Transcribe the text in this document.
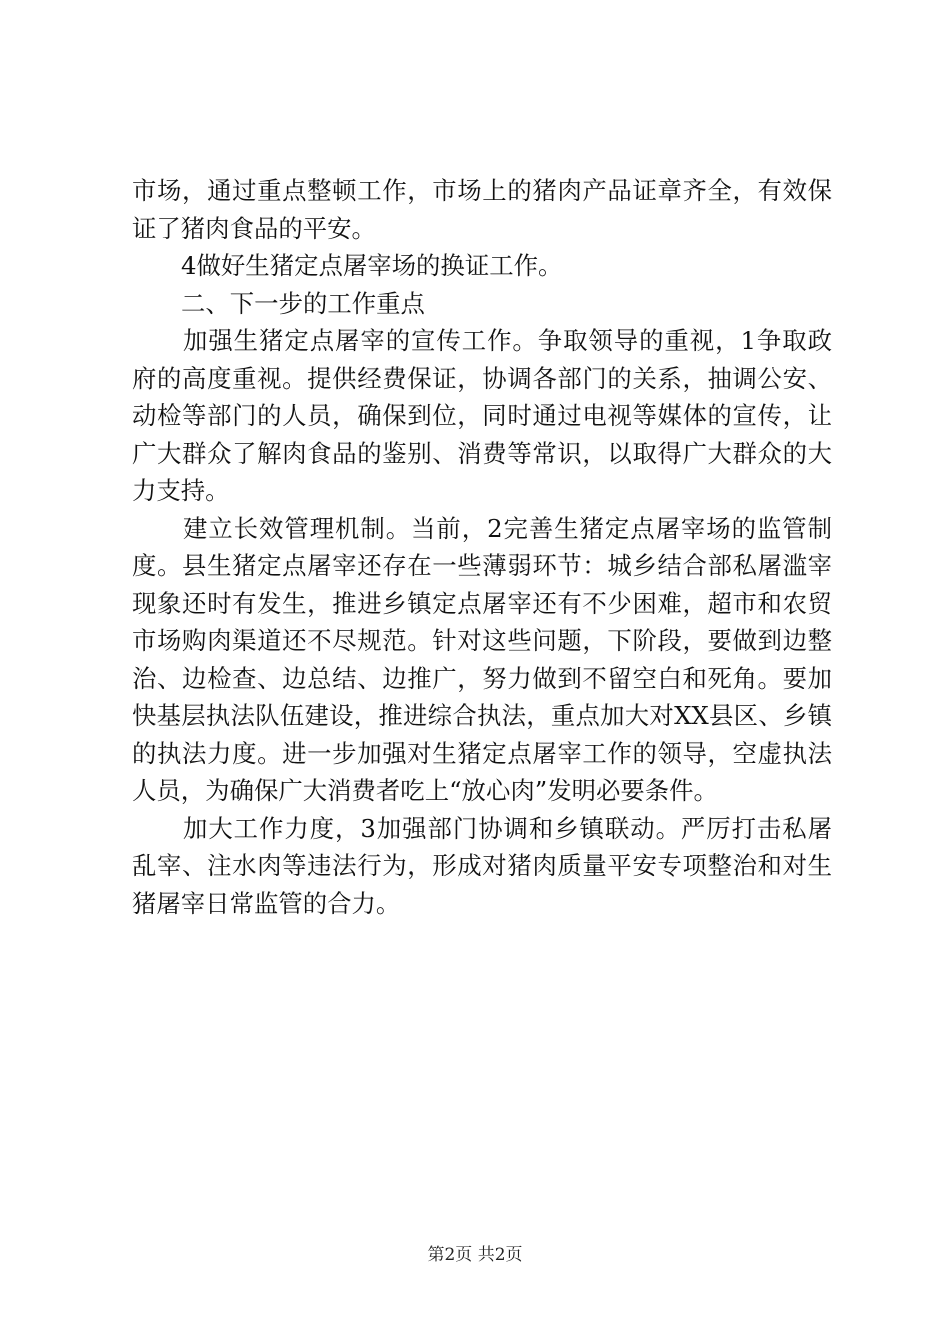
市场，通过重点整顿工作，市场上的猪肉产品证章齐全，有效保证了猪肉食品的平安。

4做好生猪定点屠宰场的换证工作。

二、下一步的工作重点

加强生猪定点屠宰的宣传工作。争取领导的重视，1争取政府的高度重视。提供经费保证，协调各部门的关系，抽调公安、动检等部门的人员，确保到位，同时通过电视等媒体的宣传，让广大群众了解肉食品的鉴别、消费等常识，以取得广大群众的大力支持。

建立长效管理机制。当前，2完善生猪定点屠宰场的监管制度。县生猪定点屠宰还存在一些薄弱环节：城乡结合部私屠滥宰现象还时有发生，推进乡镇定点屠宰还有不少困难，超市和农贸市场购肉渠道还不尽规范。针对这些问题，下阶段，要做到边整治、边检查、边总结、边推广，努力做到不留空白和死角。要加快基层执法队伍建设，推进综合执法，重点加大对XX县区、乡镇的执法力度。进一步加强对生猪定点屠宰工作的领导，空虚执法人员，为确保广大消费者吃上“放心肉”发明必要条件。

加大工作力度，3加强部门协调和乡镇联动。严厉打击私屠乱宰、注水肉等违法行为，形成对猪肉质量平安专项整治和对生猪屠宰日常监管的合力。

第2页 共2页
